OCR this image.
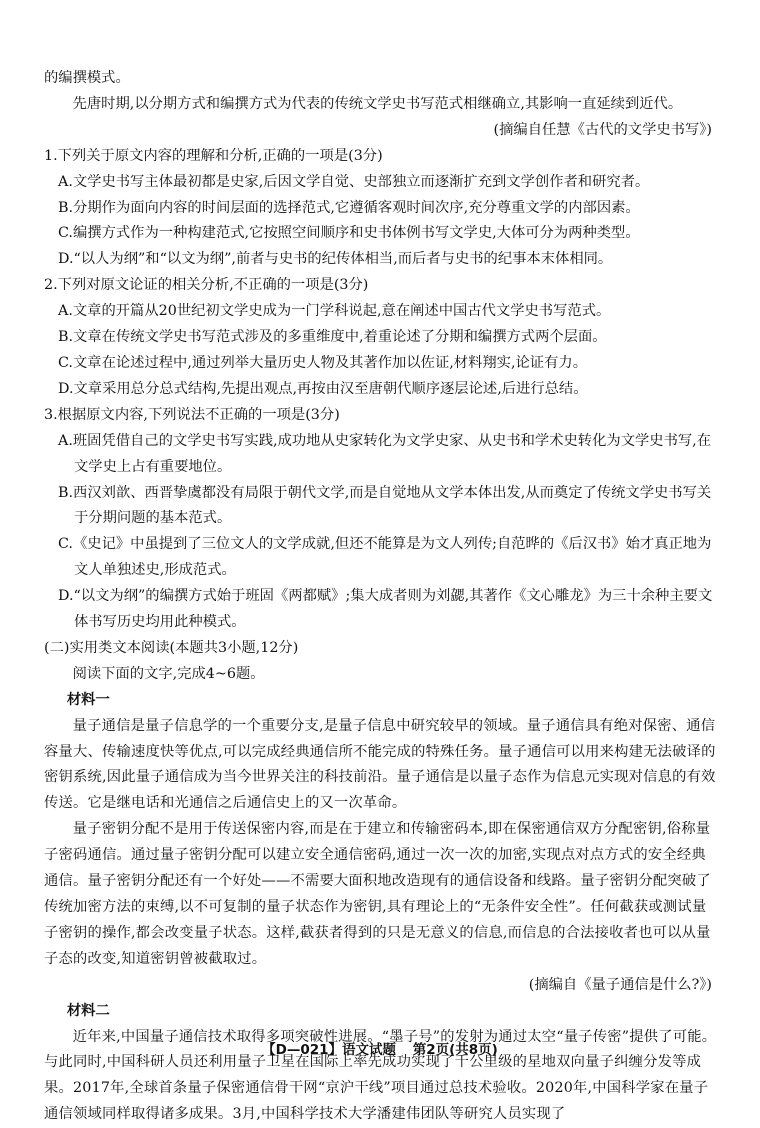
的编撰模式。

先唐时期,以分期方式和编撰方式为代表的传统文学史书写范式相继确立,其影响一直延续到近代。

(摘编自任慧《古代的文学史书写》)

1.下列关于原文内容的理解和分析,正确的一项是(3分)

A.文学史书写主体最初都是史家,后因文学自觉、史部独立而逐渐扩充到文学创作者和研究者。

B.分期作为面向内容的时间层面的选择范式,它遵循客观时间次序,充分尊重文学的内部因素。

C.编撰方式作为一种构建范式,它按照空间顺序和史书体例书写文学史,大体可分为两种类型。

D.“以人为纲”和“以文为纲”,前者与史书的纪传体相当,而后者与史书的纪事本末体相同。

2.下列对原文论证的相关分析,不正确的一项是(3分)

A.文章的开篇从20世纪初文学史成为一门学科说起,意在阐述中国古代文学史书写范式。

B.文章在传统文学史书写范式涉及的多重维度中,着重论述了分期和编撰方式两个层面。

C.文章在论述过程中,通过列举大量历史人物及其著作加以佐证,材料翔实,论证有力。

D.文章采用总分总式结构,先提出观点,再按由汉至唐朝代顺序逐层论述,后进行总结。

3.根据原文内容,下列说法不正确的一项是(3分)

A.班固凭借自己的文学史书写实践,成功地从史家转化为文学史家、从史书和学术史转化为文学史书写,在文学史上占有重要地位。

B.西汉刘歆、西晋挚虞都没有局限于朝代文学,而是自觉地从文学本体出发,从而奠定了传统文学史书写关于分期问题的基本范式。

C.《史记》中虽提到了三位文人的文学成就,但还不能算是为文人列传;自范晔的《后汉书》始才真正地为文人单独述史,形成范式。

D.“以文为纲”的编撰方式始于班固《两都赋》;集大成者则为刘勰,其著作《文心雕龙》为三十余种主要文体书写历史均用此种模式。

(二)实用类文本阅读(本题共3小题,12分)

阅读下面的文字,完成4~6题。

材料一

量子通信是量子信息学的一个重要分支,是量子信息中研究较早的领域。量子通信具有绝对保密、通信容量大、传输速度快等优点,可以完成经典通信所不能完成的特殊任务。量子通信可以用来构建无法破译的密钥系统,因此量子通信成为当今世界关注的科技前沿。量子通信是以量子态作为信息元实现对信息的有效传送。它是继电话和光通信之后通信史上的又一次革命。

量子密钥分配不是用于传送保密内容,而是在于建立和传输密码本,即在保密通信双方分配密钥,俗称量子密码通信。通过量子密钥分配可以建立安全通信密码,通过一次一次的加密,实现点对点方式的安全经典通信。量子密钥分配还有一个好处——不需要大面积地改造现有的通信设备和线路。量子密钥分配突破了传统加密方法的束缚,以不可复制的量子状态作为密钥,具有理论上的“无条件安全性”。任何截获或测试量子密钥的操作,都会改变量子状态。这样,截获者得到的只是无意义的信息,而信息的合法接收者也可以从量子态的改变,知道密钥曾被截取过。

(摘编自《量子通信是什么?》)

材料二

近年来,中国量子通信技术取得多项突破性进展。“墨子号”的发射为通过太空“量子传密”提供了可能。与此同时,中国科研人员还利用量子卫星在国际上率先成功实现了千公里级的星地双向量子纠缠分发等成果。2017年,全球首条量子保密通信骨干网“京沪干线”项目通过总技术验收。2020年,中国科学家在量子通信领域同样取得诸多成果。3月,中国科学技术大学潘建伟团队等研究人员实现了

【D—021】语文试题 第2页(共8页)
